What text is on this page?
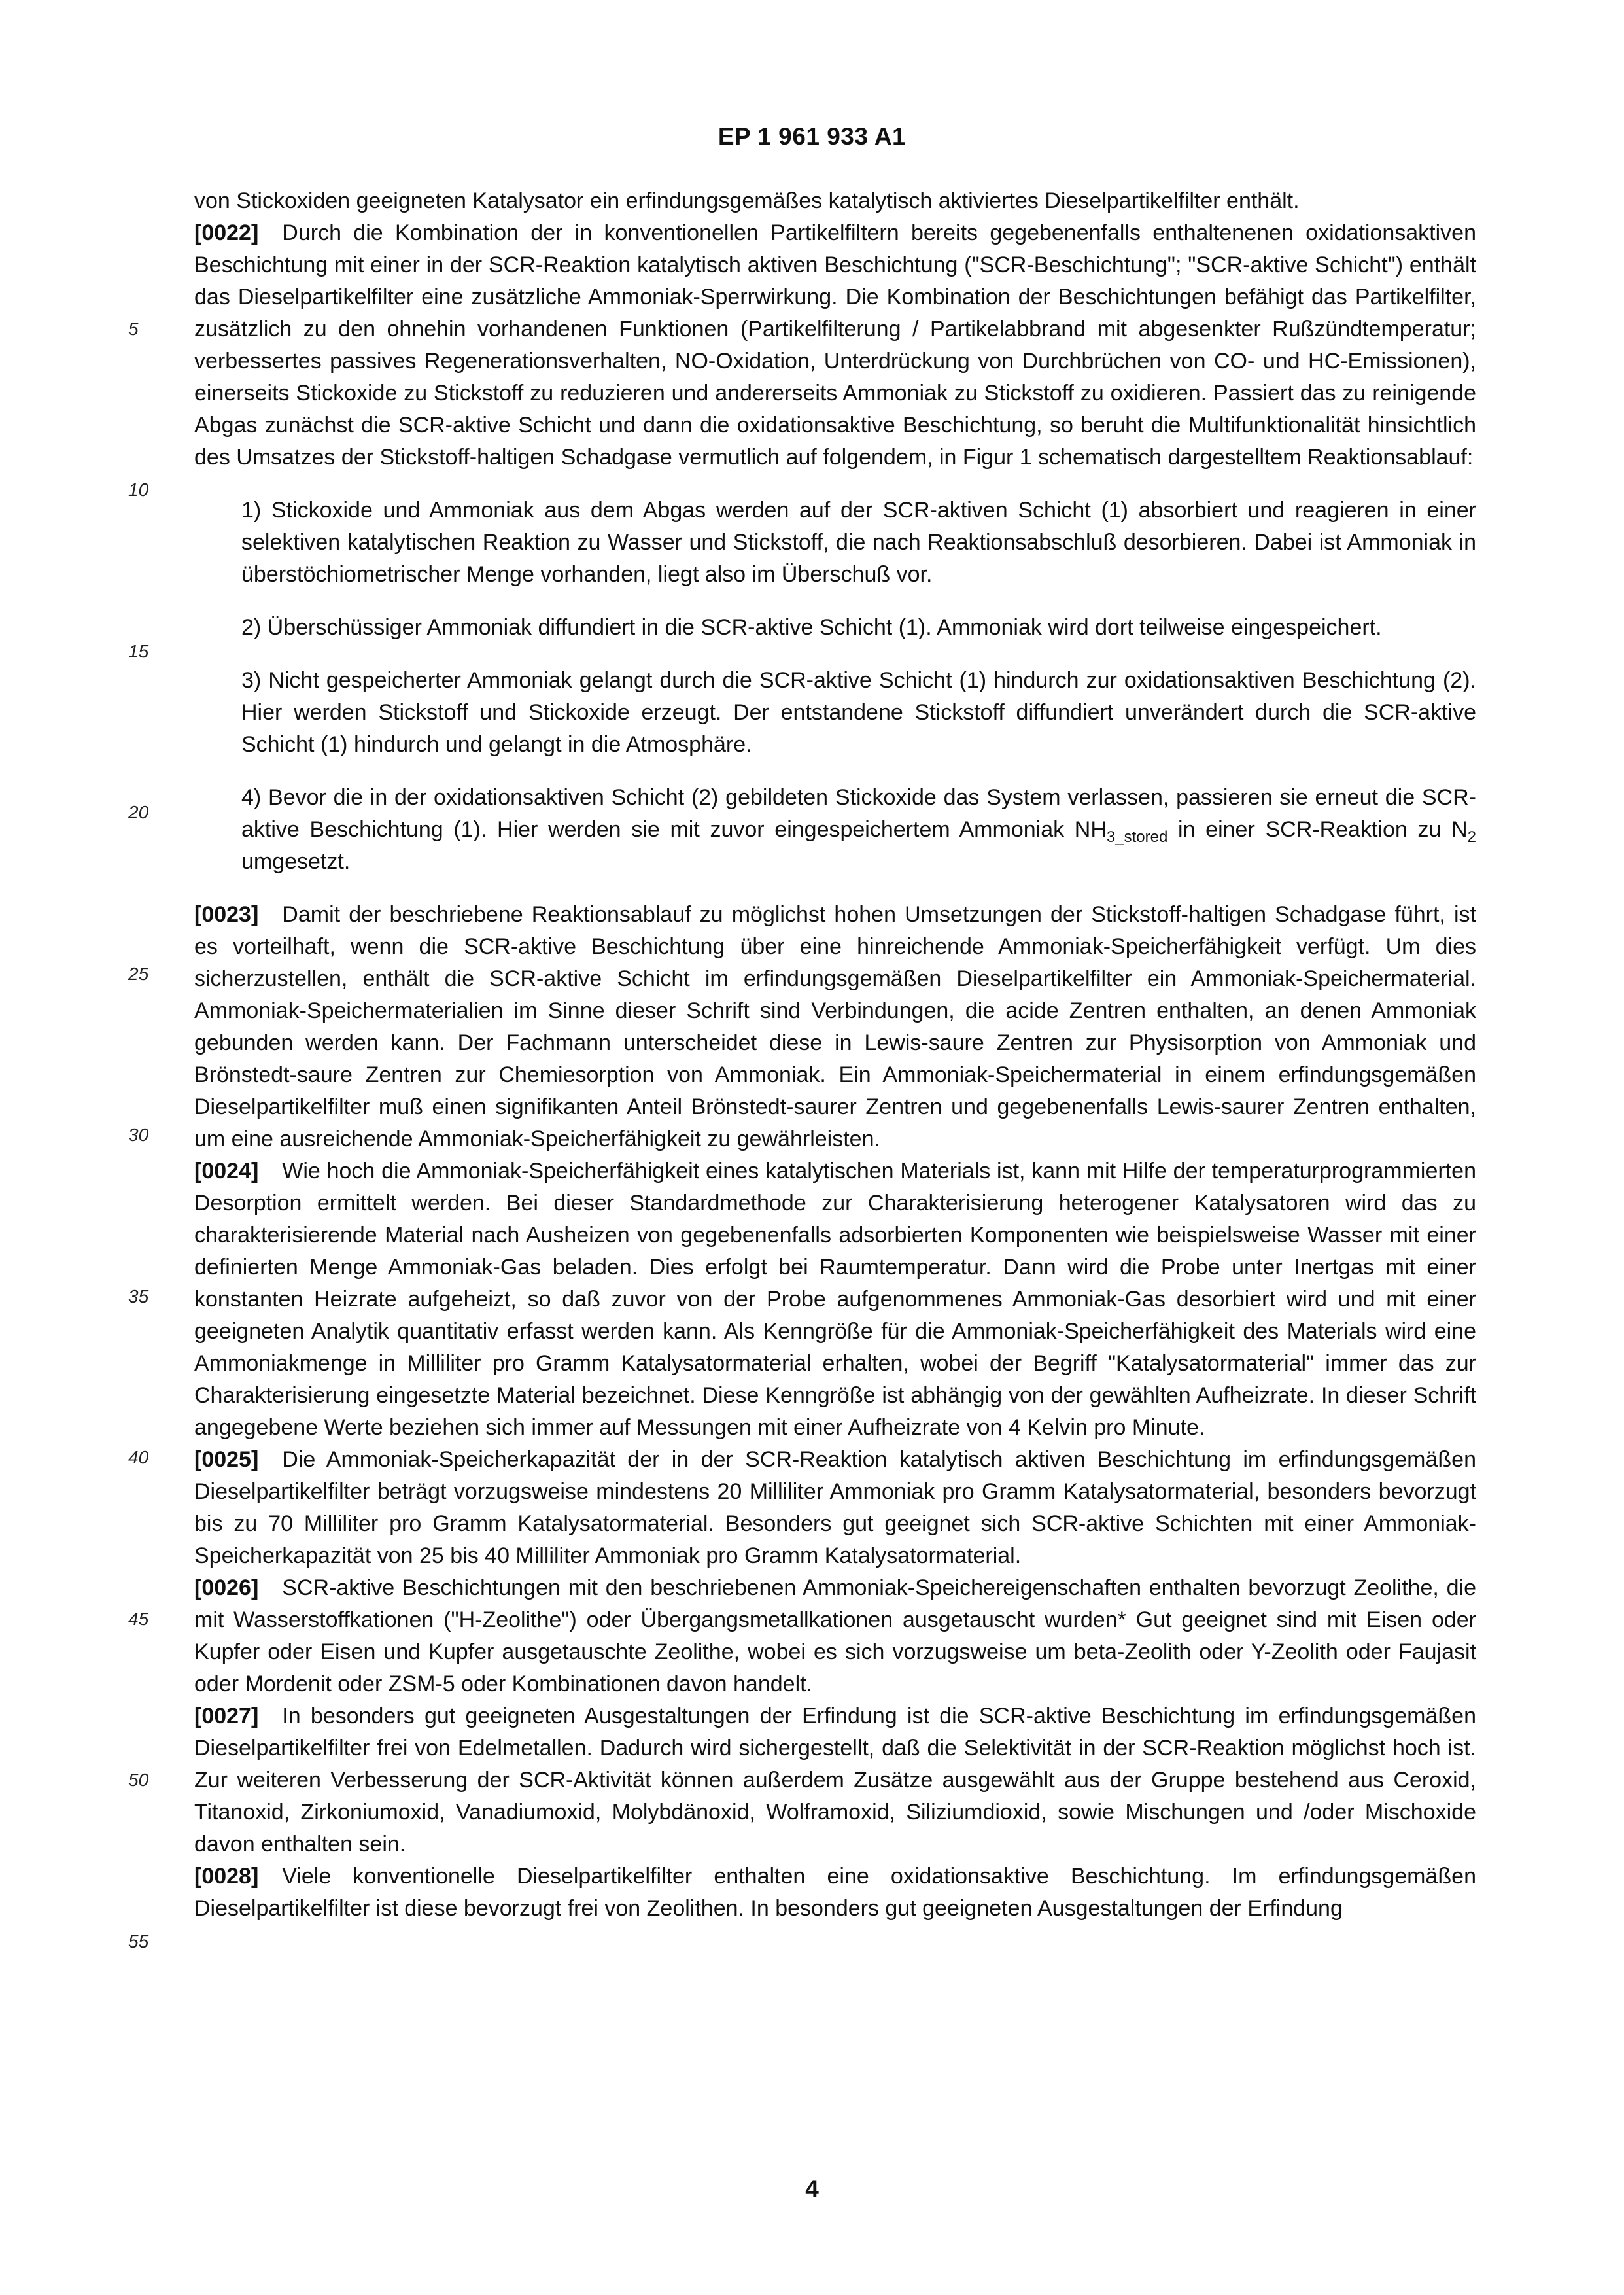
EP 1 961 933 A1
5
10
15
20
25
30
35
40
45
50
55

von Stickoxiden geeigneten Katalysator ein erfindungsgemäßes katalytisch aktiviertes Dieselpartikelfilter enthält.

[0022] Durch die Kombination der in konventionellen Partikelfiltern bereits gegebenenfalls enthaltenenen oxidationsaktiven Beschichtung mit einer in der SCR-Reaktion katalytisch aktiven Beschichtung ("SCR-Beschichtung"; "SCR-aktive Schicht") enthält das Dieselpartikelfilter eine zusätzliche Ammoniak-Sperrwirkung. Die Kombination der Beschichtungen befähigt das Partikelfilter, zusätzlich zu den ohnehin vorhandenen Funktionen (Partikelfilterung / Partikelabbrand mit abgesenkter Rußzündtemperatur; verbessertes passives Regenerationsverhalten, NO-Oxidation, Unterdrückung von Durchbrüchen von CO- und HC-Emissionen), einerseits Stickoxide zu Stickstoff zu reduzieren und andererseits Ammoniak zu Stickstoff zu oxidieren. Passiert das zu reinigende Abgas zunächst die SCR-aktive Schicht und dann die oxidationsaktive Beschichtung, so beruht die Multifunktionalität hinsichtlich des Umsatzes der Stickstoff-haltigen Schadgase vermutlich auf folgendem, in Figur 1 schematisch dargestelltem Reaktionsablauf:

1) Stickoxide und Ammoniak aus dem Abgas werden auf der SCR-aktiven Schicht (1) absorbiert und reagieren in einer selektiven katalytischen Reaktion zu Wasser und Stickstoff, die nach Reaktionsabschluß desorbieren. Dabei ist Ammoniak in überstöchiometrischer Menge vorhanden, liegt also im Überschuß vor.

2) Überschüssiger Ammoniak diffundiert in die SCR-aktive Schicht (1). Ammoniak wird dort teilweise eingespeichert.

3) Nicht gespeicherter Ammoniak gelangt durch die SCR-aktive Schicht (1) hindurch zur oxidationsaktiven Beschichtung (2). Hier werden Stickstoff und Stickoxide erzeugt. Der entstandene Stickstoff diffundiert unverändert durch die SCR-aktive Schicht (1) hindurch und gelangt in die Atmosphäre.

4) Bevor die in der oxidationsaktiven Schicht (2) gebildeten Stickoxide das System verlassen, passieren sie erneut die SCR-aktive Beschichtung (1). Hier werden sie mit zuvor eingespeichertem Ammoniak $NH_{3\_stored}$ in einer SCR-Reaktion zu $N_2$ umgesetzt.

[0023] Damit der beschriebene Reaktionsablauf zu möglichst hohen Umsetzungen der Stickstoff-haltigen Schadgase führt, ist es vorteilhaft, wenn die SCR-aktive Beschichtung über eine hinreichende Ammoniak-Speicherfähigkeit verfügt. Um dies sicherzustellen, enthält die SCR-aktive Schicht im erfindungsgemäßen Dieselpartikelfilter ein Ammoniak-Speichermaterial. Ammoniak-Speichermaterialien im Sinne dieser Schrift sind Verbindungen, die acide Zentren enthalten, an denen Ammoniak gebunden werden kann. Der Fachmann unterscheidet diese in Lewis-saure Zentren zur Physisorption von Ammoniak und Brönstedt-saure Zentren zur Chemiesorption von Ammoniak. Ein Ammoniak-Speichermaterial in einem erfindungsgemäßen Dieselpartikelfilter muß einen signifikanten Anteil Brönstedt-saurer Zentren und gegebenenfalls Lewis-saurer Zentren enthalten, um eine ausreichende Ammoniak-Speicherfähigkeit zu gewährleisten.

[0024] Wie hoch die Ammoniak-Speicherfähigkeit eines katalytischen Materials ist, kann mit Hilfe der temperaturprogrammierten Desorption ermittelt werden. Bei dieser Standardmethode zur Charakterisierung heterogener Katalysatoren wird das zu charakterisierende Material nach Ausheizen von gegebenenfalls adsorbierten Komponenten wie beispielsweise Wasser mit einer definierten Menge Ammoniak-Gas beladen. Dies erfolgt bei Raumtemperatur. Dann wird die Probe unter Inertgas mit einer konstanten Heizrate aufgeheizt, so daß zuvor von der Probe aufgenommenes Ammoniak-Gas desorbiert wird und mit einer geeigneten Analytik quantitativ erfasst werden kann. Als Kenngröße für die Ammoniak-Speicherfähigkeit des Materials wird eine Ammoniakmenge in Milliliter pro Gramm Katalysatormaterial erhalten, wobei der Begriff "Katalysatormaterial" immer das zur Charakterisierung eingesetzte Material bezeichnet. Diese Kenngröße ist abhängig von der gewählten Aufheizrate. In dieser Schrift angegebene Werte beziehen sich immer auf Messungen mit einer Aufheizrate von 4 Kelvin pro Minute.

[0025] Die Ammoniak-Speicherkapazität der in der SCR-Reaktion katalytisch aktiven Beschichtung im erfindungsgemäßen Dieselpartikelfilter beträgt vorzugsweise mindestens 20 Milliliter Ammoniak pro Gramm Katalysatormaterial, besonders bevorzugt bis zu 70 Milliliter pro Gramm Katalysatormaterial. Besonders gut geeignet sich SCR-aktive Schichten mit einer Ammoniak-Speicherkapazität von 25 bis 40 Milliliter Ammoniak pro Gramm Katalysatormaterial.

[0026] SCR-aktive Beschichtungen mit den beschriebenen Ammoniak-Speichereigenschaften enthalten bevorzugt Zeolithe, die mit Wasserstoffkationen ("H-Zeolithe") oder Übergangsmetallkationen ausgetauscht wurden* Gut geeignet sind mit Eisen oder Kupfer oder Eisen und Kupfer ausgetauschte Zeolithe, wobei es sich vorzugsweise um beta-Zeolith oder Y-Zeolith oder Faujasit oder Mordenit oder ZSM-5 oder Kombinationen davon handelt.

[0027] In besonders gut geeigneten Ausgestaltungen der Erfindung ist die SCR-aktive Beschichtung im erfindungsgemäßen Dieselpartikelfilter frei von Edelmetallen. Dadurch wird sichergestellt, daß die Selektivität in der SCR-Reaktion möglichst hoch ist. Zur weiteren Verbesserung der SCR-Aktivität können außerdem Zusätze ausgewählt aus der Gruppe bestehend aus Ceroxid, Titanoxid, Zirkoniumoxid, Vanadiumoxid, Molybdänoxid, Wolframoxid, Siliziumdioxid, sowie Mischungen und /oder Mischoxide davon enthalten sein.

[0028] Viele konventionelle Dieselpartikelfilter enthalten eine oxidationsaktive Beschichtung. Im erfindungsgemäßen Dieselpartikelfilter ist diese bevorzugt frei von Zeolithen. In besonders gut geeigneten Ausgestaltungen der Erfindung

4
